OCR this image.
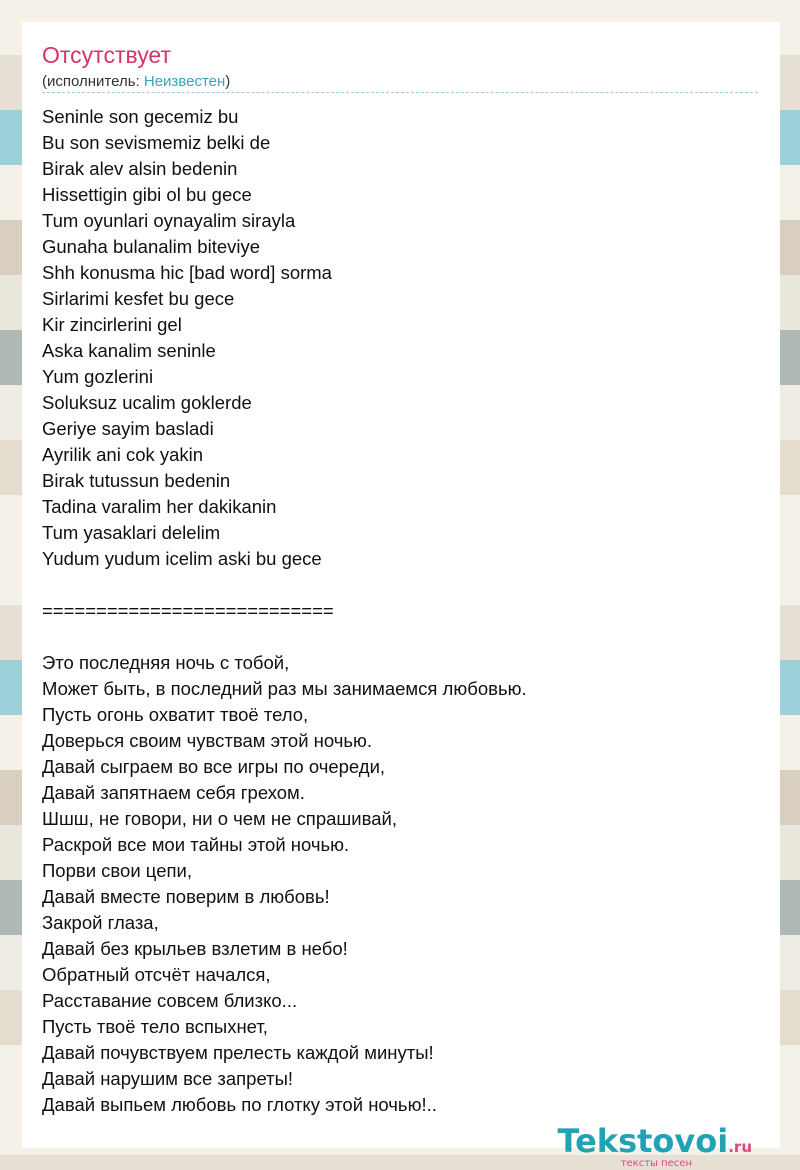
Отсутствует
(исполнитель: Неизвестен)
Seninle son gecemiz bu
Bu son sevismemiz belki de
Birak alev alsin bedenin
Hissettigin gibi ol bu gece
Tum oyunlari oynayalim sirayla
Gunaha bulanalim biteviye
Shh konusma hic [bad word] sorma
Sirlarimi kesfet bu gece
Kir zincirlerini gel
Aska kanalim seninle
Yum gozlerini
Soluksuz ucalim goklerde
Geriye sayim basladi
Ayrilik ani cok yakin
Birak tutussun bedenin
Tadina varalim her dakikanin
Tum yasaklari delelim
Yudum yudum icelim aski bu gece
===========================
Это последняя ночь с тобой,
Может быть, в последний раз мы занимаемся любовью.
Пусть огонь охватит твоё тело,
Доверься своим чувствам этой ночью.
Давай сыграем во все игры по очереди,
Давай запятнаем себя грехом.
Шшш, не говори, ни о чем не спрашивай,
Раскрой все мои тайны этой ночью.
Порви свои цепи,
Давай вместе поверим в любовь!
Закрой глаза,
Давай без крыльев взлетим в небо!
Обратный отсчёт начался,
Расставание совсем близко...
Пусть твоё тело вспыхнет,
Давай почувствуем прелесть каждой минуты!
Давай нарушим все запреты!
Давай выпьем любовь по глотку этой ночью!..
Tekstovoi.ru
тексты песен
